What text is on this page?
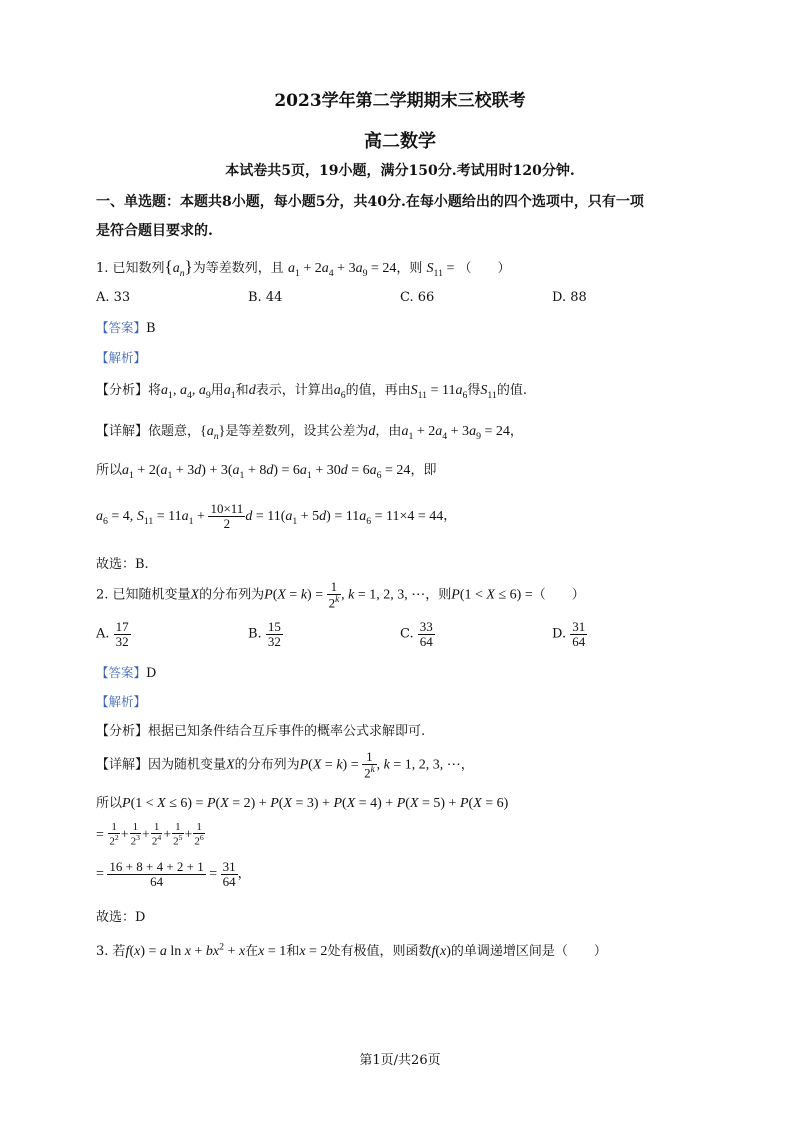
2023学年第二学期期末三校联考
高二数学
本试卷共5页，19小题，满分150分.考试用时120分钟.
一、单选题：本题共8小题，每小题5分，共40分.在每小题给出的四个选项中，只有一项
是符合题目要求的.
1. 已知数列$\{a_n\}$为等差数列，且 $a_1 + 2a_4 + 3a_9 = 24$，则 $S_{11}$ = （　　）
A. 33	B. 44	C. 66	D. 88
【答案】B
【解析】
【分析】将$a_1$, $a_4$, $a_9$用$a_1$和d表示，计算出$a_6$的值，再由$S_{11} = 11a_6$得$S_{11}$的值.
【详解】依题意，$\{a_n\}$是等差数列，设其公差为d，由$a_1 + 2a_4 + 3a_9 = 24$，
所以$a_1 + 2(a_1 + 3d) + 3(a_1 + 8d) = 6a_1 + 30d = 6a_6 = 24$，即
$a_6 = 4$, $S_{11} = 11a_1 + \frac{10\times 11}{2}$ $d = 11(a_1 + 5d) = 11a_6 = 11\times 4 = 44$，
故选：B.
2. 已知随机变量X的分布列为$P(X = k) = \frac{1}{2^k}$ , k = 1, 2, 3, ⋯，则P(1 < X ≤ 6) =（　　）
A. $\frac{17}{32}$	B. $\frac{15}{32}$	C. $\frac{33}{64}$	D. $\frac{31}{64}$
【答案】D
【解析】
【分析】根据已知条件结合互斥事件的概率公式求解即可.
【详解】因为随机变量X的分布列为$P(X = k) = \frac{1}{2^k}$ , k = 1, 2, 3, ⋯，
所以P(1 < X ≤ 6) = P(X = 2) + P(X = 3) + P(X = 4) + P(X = 5) + P(X = 6)
= $\frac{1}{2^2} + \frac{1}{2^3} + \frac{1}{2^4} + \frac{1}{2^5} + \frac{1}{2^6}$
= $\frac{16 + 8 + 4 + 2 + 1}{64} = \frac{31}{64}$ ，
故选：D
3. 若f(x) = a $\ln x + bx^2 + x$在x = 1和x = 2处有极值，则函数f(x)的单调递增区间是（　　）
第1页/共26页
